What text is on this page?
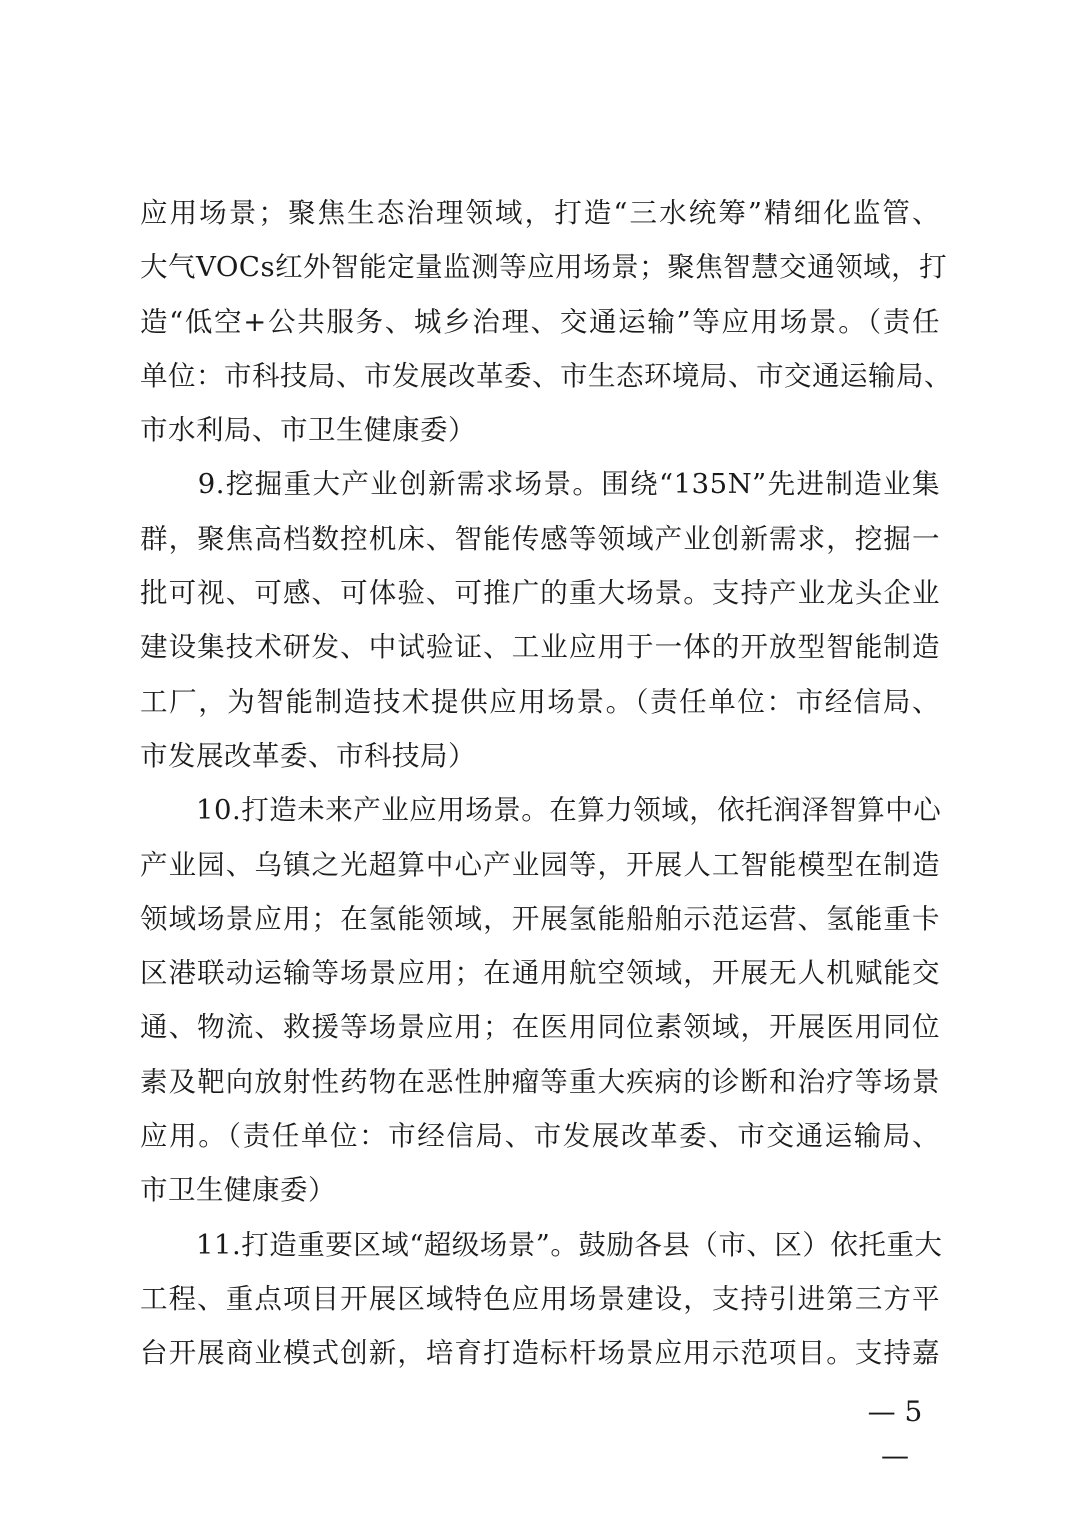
应用场景；聚焦生态治理领域，打造“三水统筹”精细化监管、
大气VOCs红外智能定量监测等应用场景；聚焦智慧交通领域，打
造“低空+公共服务、城乡治理、交通运输”等应用场景。（责任
单位：市科技局、市发展改革委、市生态环境局、市交通运输局、
市水利局、市卫生健康委）
　　9.挖掘重大产业创新需求场景。围绕“135N”先进制造业集
群，聚焦高档数控机床、智能传感等领域产业创新需求，挖掘一
批可视、可感、可体验、可推广的重大场景。支持产业龙头企业
建设集技术研发、中试验证、工业应用于一体的开放型智能制造
工厂，为智能制造技术提供应用场景。（责任单位：市经信局、
市发展改革委、市科技局）
　　10.打造未来产业应用场景。在算力领域，依托润泽智算中心
产业园、乌镇之光超算中心产业园等，开展人工智能模型在制造
领域场景应用；在氢能领域，开展氢能船舶示范运营、氢能重卡
区港联动运输等场景应用；在通用航空领域，开展无人机赋能交
通、物流、救援等场景应用；在医用同位素领域，开展医用同位
素及靶向放射性药物在恶性肿瘤等重大疾病的诊断和治疗等场景
应用。（责任单位：市经信局、市发展改革委、市交通运输局、
市卫生健康委）
　　11.打造重要区域“超级场景”。鼓励各县（市、区）依托重大
工程、重点项目开展区域特色应用场景建设，支持引进第三方平
台开展商业模式创新，培育打造标杆场景应用示范项目。支持嘉
— 5 —
